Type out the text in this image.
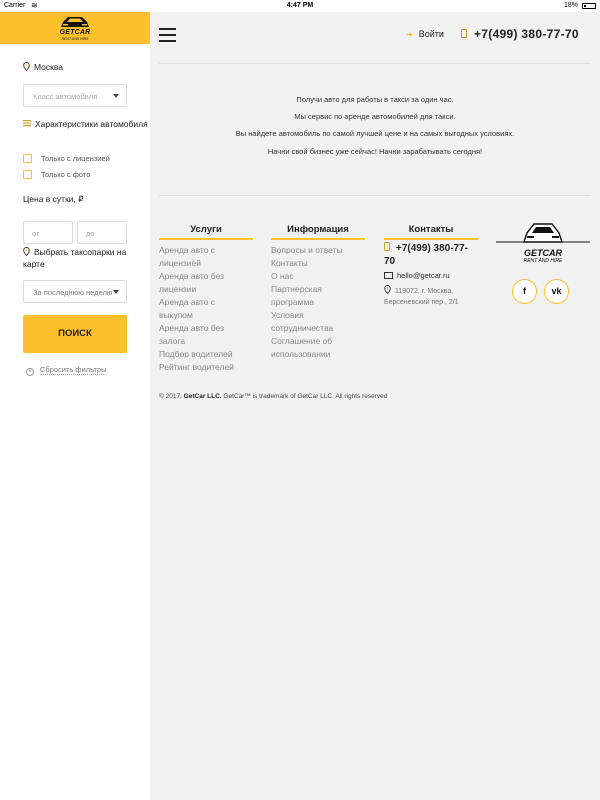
Carrier ≋	4:47 PM	18%
GETCAR
RENT AND HIRE
Москва
Класс автомобиля
Характеристики автомобиля
Только с лицензией
Только с фото
Цена в сутки, ₽
от	до
Выбрать таксопарки на карте
За последнюю неделю
ПОИСК
× Сбросить фильтры
➜ Войти	+7(499) 380-77-70
Получи авто для работы в такси за один час.
Мы сервис по аренде автомобилей для такси.
Вы найдете автомобиль по самой лучшей цене и на самых выгодных условиях.
Начни свой бизнес уже сейчас! Начни зарабатывать сегодня!
Услуги
Аренда авто с
лицензией
Аренда авто без
лицензии
Аренда авто с
выкупом
Аренда авто без
залога
Подбор водителей
Рейтинг водителей
Информация
Вопросы и ответы
Контакты
О нас
Партнерская
программа
Условия
сотрудничества
Соглашение об
использовании
Контакты
+7(499) 380-77-
70
hello@getcar.ru
119072, г. Москва,
Берсеневский пер., 2/1
GETCAR
RENT AND HIRE
f	vk
© 2017, GetCar LLC. GetCar™ is trademark of GetCar LLC. All rights reserved
